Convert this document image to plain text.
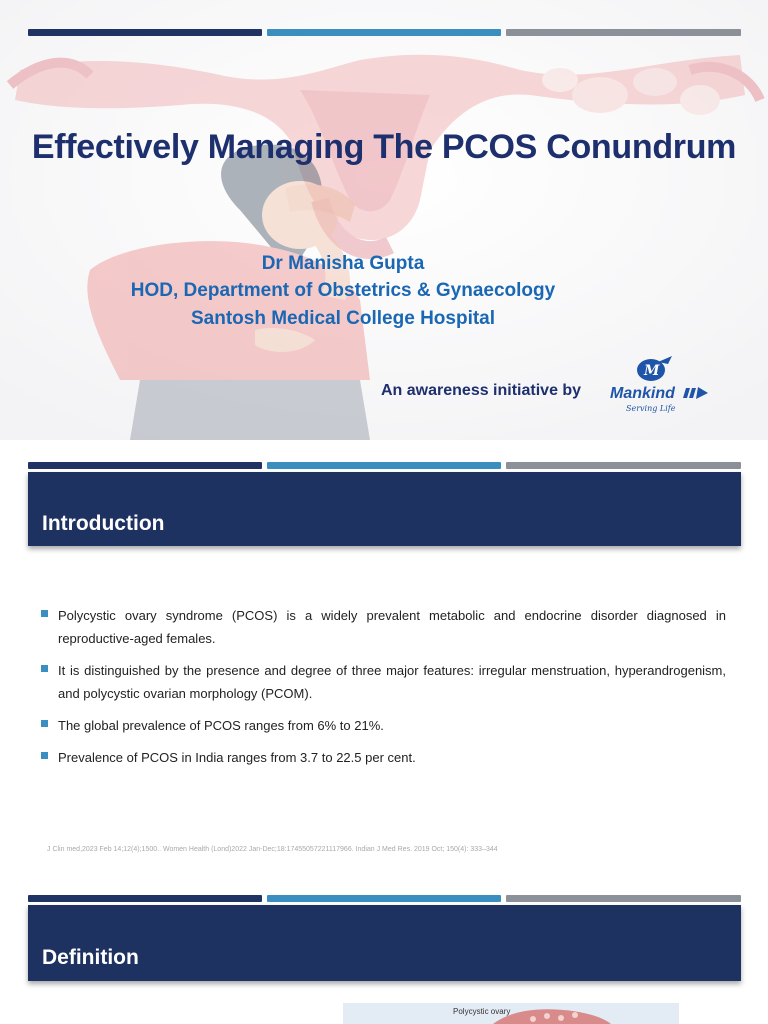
Effectively Managing The PCOS Conundrum
Dr Manisha Gupta
HOD, Department of Obstetrics & Gynaecology
Santosh Medical College Hospital
An awareness initiative by
M
Mankind
Serving Life
Introduction
Polycystic ovary syndrome (PCOS) is a widely prevalent metabolic and endocrine disorder diagnosed in reproductive-aged females.
It is distinguished by the presence and degree of three major features: irregular menstruation, hyperandrogenism, and polycystic ovarian morphology (PCOM).
The global prevalence of PCOS ranges from 6% to 21%.
Prevalence of PCOS in India ranges from 3.7 to 22.5 per cent.
J Clin med,2023 Feb 14;12(4);1500.. Women Health (Lond)2022 Jan-Dec;18:17455057221117966. Indian J Med Res. 2019 Oct; 150(4): 333–344
Definition
Polycystic ovary
